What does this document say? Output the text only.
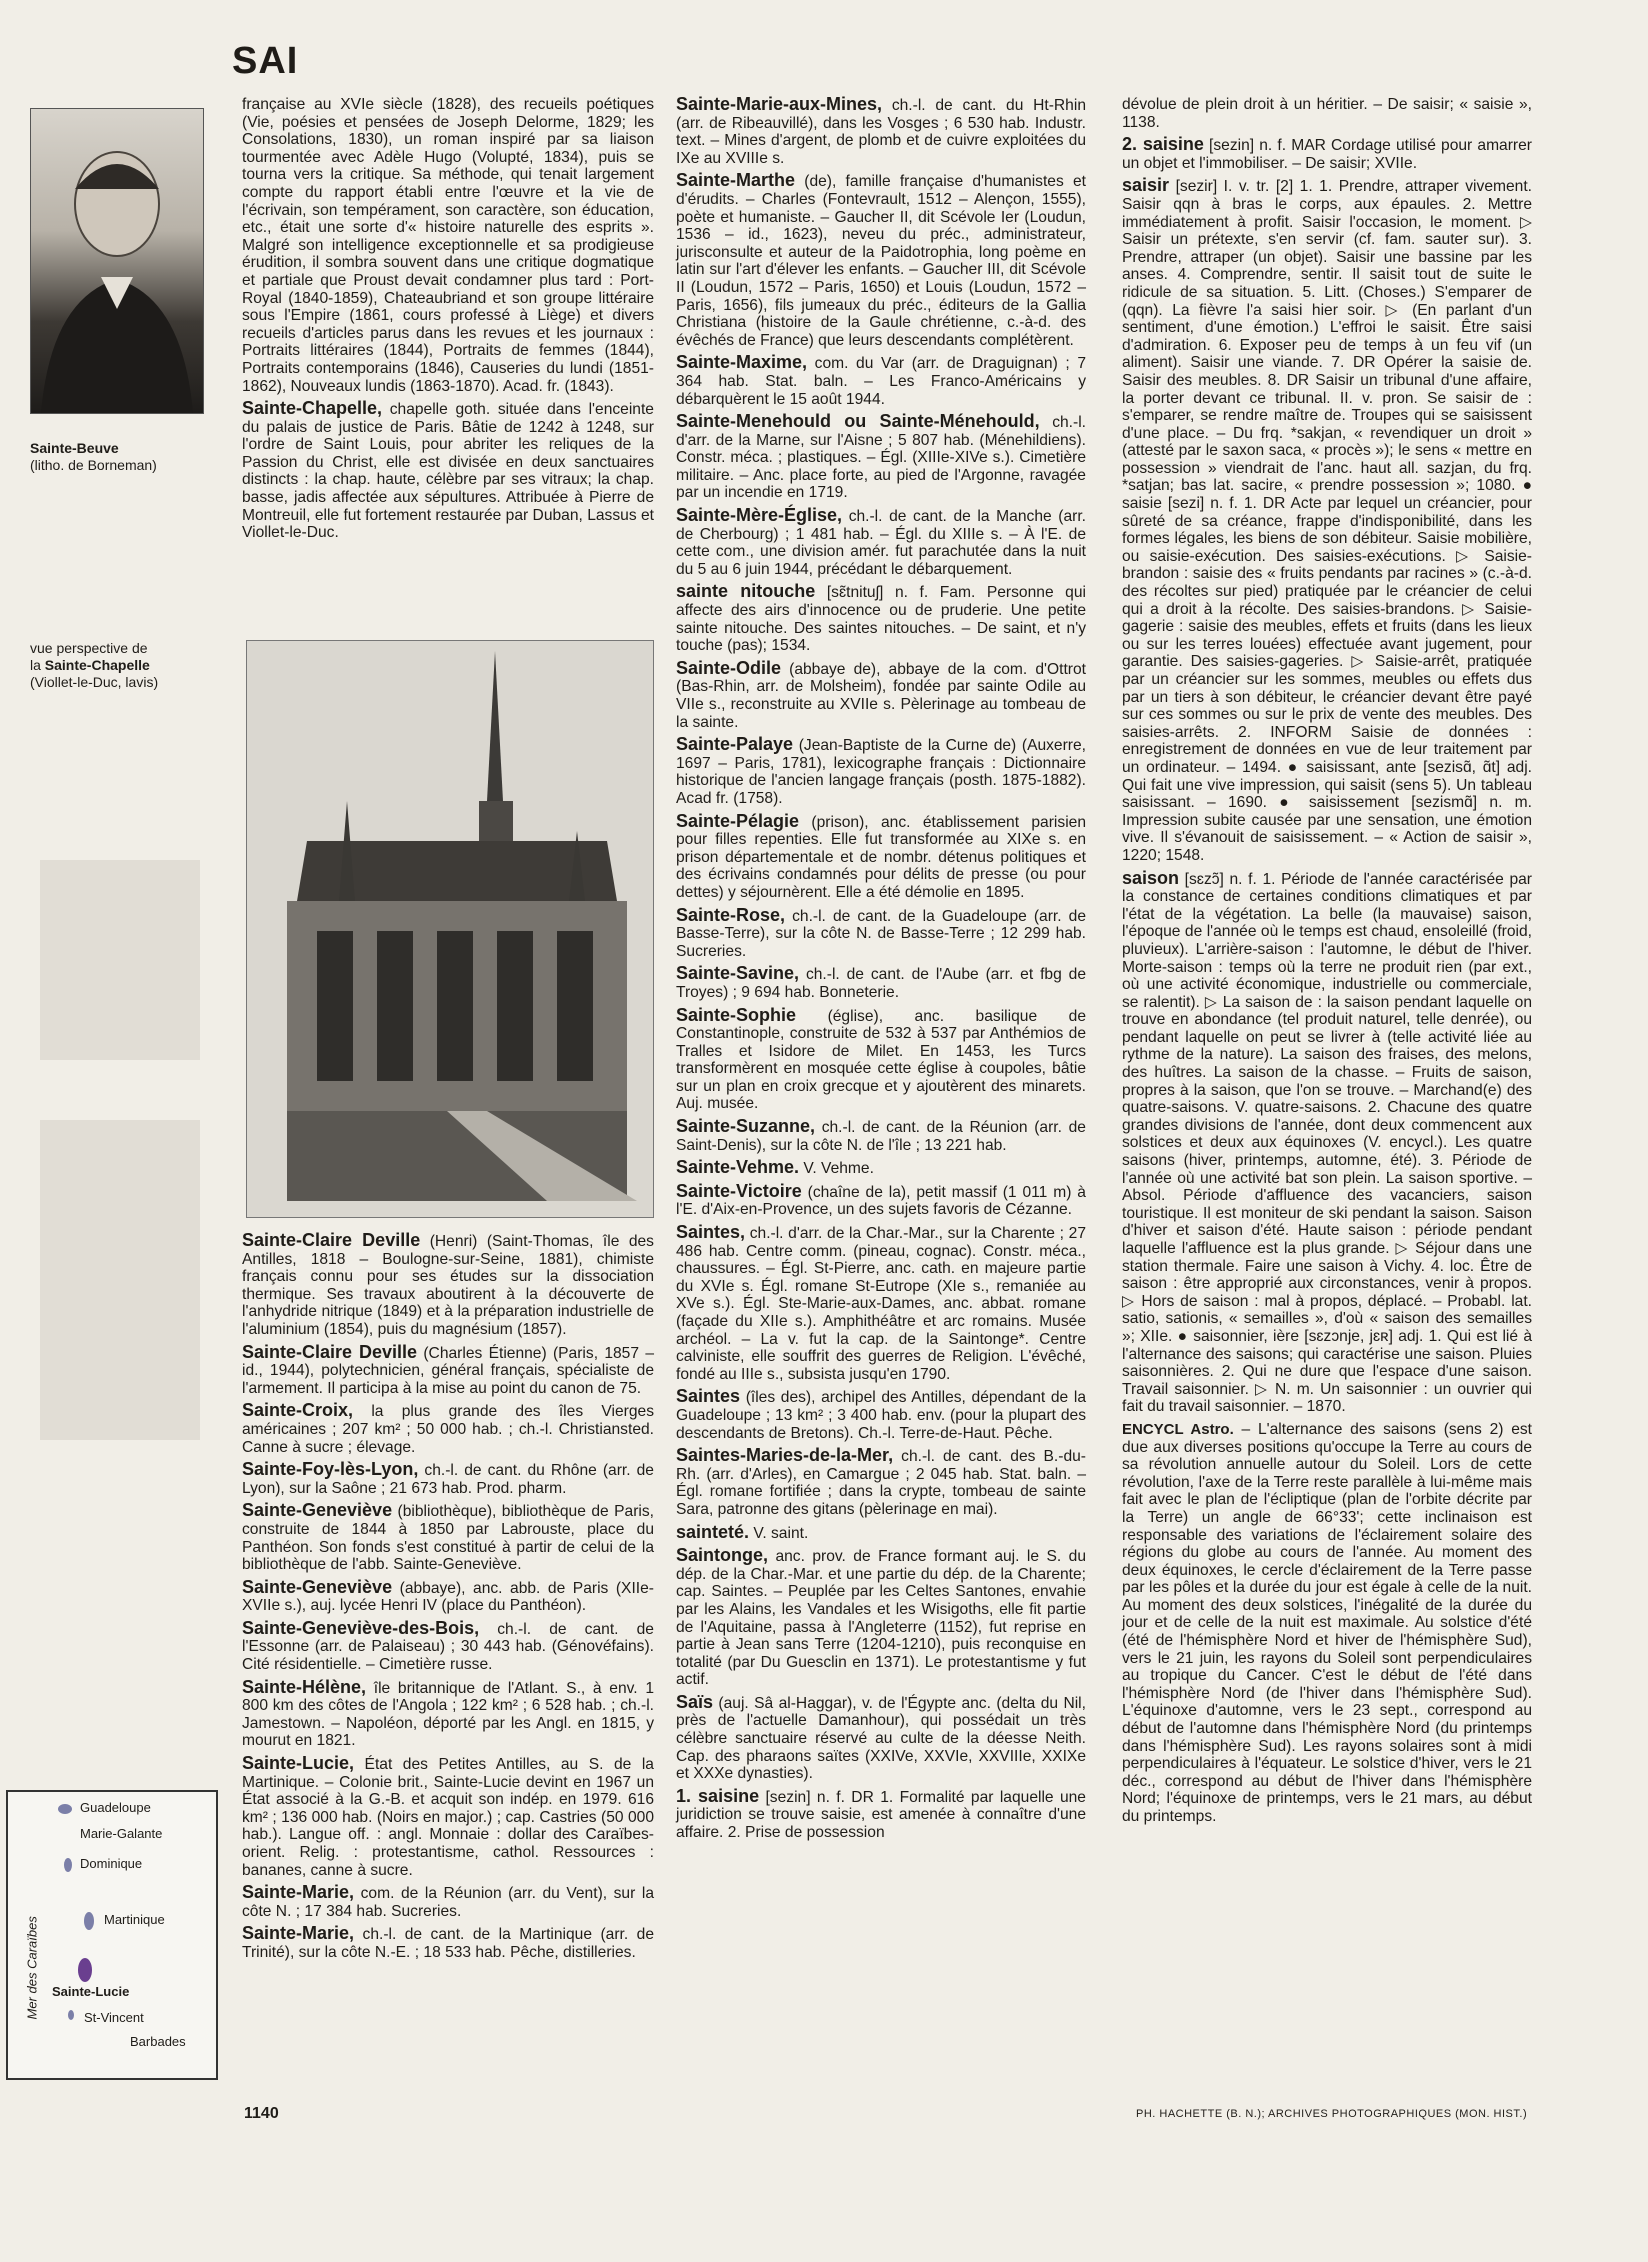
SAI
Sainte-Beuve
(litho. de Borneman)
vue perspective de
la Sainte-Chapelle
(Viollet-le-Duc, lavis)
Guadeloupe
Marie-Galante
Dominique
Martinique
Sainte-Lucie
St-Vincent
Barbades
Mer des Caraïbes

française au XVIe siècle (1828), des recueils poétiques (Vie, poésies et pensées de Joseph Delorme, 1829; les Consolations, 1830), un roman inspiré par sa liaison tourmentée avec Adèle Hugo (Volupté, 1834), puis se tourna vers la critique. Sa méthode, qui tenait largement compte du rapport établi entre l'œuvre et la vie de l'écrivain, son tempérament, son caractère, son éducation, etc., était une sorte d'« histoire naturelle des esprits ». Malgré son intelligence exceptionnelle et sa prodigieuse érudition, il sombra souvent dans une critique dogmatique et partiale que Proust devait condamner plus tard : Port-Royal (1840-1859), Chateaubriand et son groupe littéraire sous l'Empire (1861, cours professé à Liège) et divers recueils d'articles parus dans les revues et les journaux : Portraits littéraires (1844), Portraits de femmes (1844), Portraits contemporains (1846), Causeries du lundi (1851-1862), Nouveaux lundis (1863-1870). Acad. fr. (1843).

Sainte-Chapelle, chapelle goth. située dans l'enceinte du palais de justice de Paris. Bâtie de 1242 à 1248, sur l'ordre de Saint Louis, pour abriter les reliques de la Passion du Christ, elle est divisée en deux sanctuaires distincts : la chap. haute, célèbre par ses vitraux; la chap. basse, jadis affectée aux sépultures. Attribuée à Pierre de Montreuil, elle fut fortement restaurée par Duban, Lassus et Viollet-le-Duc.

Sainte-Claire Deville (Henri) (Saint-Thomas, île des Antilles, 1818 – Boulogne-sur-Seine, 1881), chimiste français connu pour ses études sur la dissociation thermique. Ses travaux aboutirent à la découverte de l'anhydride nitrique (1849) et à la préparation industrielle de l'aluminium (1854), puis du magnésium (1857).

Sainte-Claire Deville (Charles Étienne) (Paris, 1857 – id., 1944), polytechnicien, général français, spécialiste de l'armement. Il participa à la mise au point du canon de 75.

Sainte-Croix, la plus grande des îles Vierges américaines ; 207 km² ; 50 000 hab. ; ch.-l. Christiansted. Canne à sucre ; élevage.

Sainte-Foy-lès-Lyon, ch.-l. de cant. du Rhône (arr. de Lyon), sur la Saône ; 21 673 hab. Prod. pharm.

Sainte-Geneviève (bibliothèque), bibliothèque de Paris, construite de 1844 à 1850 par Labrouste, place du Panthéon. Son fonds s'est constitué à partir de celui de la bibliothèque de l'abb. Sainte-Geneviève.

Sainte-Geneviève (abbaye), anc. abb. de Paris (XIIe-XVIIe s.), auj. lycée Henri IV (place du Panthéon).

Sainte-Geneviève-des-Bois, ch.-l. de cant. de l'Essonne (arr. de Palaiseau) ; 30 443 hab. (Génovéfains). Cité résidentielle. – Cimetière russe.

Sainte-Hélène, île britannique de l'Atlant. S., à env. 1 800 km des côtes de l'Angola ; 122 km² ; 6 528 hab. ; ch.-l. Jamestown. – Napoléon, déporté par les Angl. en 1815, y mourut en 1821.

Sainte-Lucie, État des Petites Antilles, au S. de la Martinique. – Colonie brit., Sainte-Lucie devint en 1967 un État associé à la G.-B. et acquit son indép. en 1979. 616 km² ; 136 000 hab. (Noirs en major.) ; cap. Castries (50 000 hab.). Langue off. : angl. Monnaie : dollar des Caraïbes-orient. Relig. : protestantisme, cathol. Ressources : bananes, canne à sucre.

Sainte-Marie, com. de la Réunion (arr. du Vent), sur la côte N. ; 17 384 hab. Sucreries.

Sainte-Marie, ch.-l. de cant. de la Martinique (arr. de Trinité), sur la côte N.-E. ; 18 533 hab. Pêche, distilleries.

Sainte-Marie-aux-Mines, ch.-l. de cant. du Ht-Rhin (arr. de Ribeauvillé), dans les Vosges ; 6 530 hab. Industr. text. – Mines d'argent, de plomb et de cuivre exploitées du IXe au XVIIIe s.

Sainte-Marthe (de), famille française d'humanistes et d'érudits. – Charles (Fontevrault, 1512 – Alençon, 1555), poète et humaniste. – Gaucher II, dit Scévole Ier (Loudun, 1536 – id., 1623), neveu du préc., administrateur, jurisconsulte et auteur de la Paidotrophia, long poème en latin sur l'art d'élever les enfants. – Gaucher III, dit Scévole II (Loudun, 1572 – Paris, 1650) et Louis (Loudun, 1572 – Paris, 1656), fils jumeaux du préc., éditeurs de la Gallia Christiana (histoire de la Gaule chrétienne, c.-à-d. des évêchés de France) que leurs descendants complétèrent.

Sainte-Maxime, com. du Var (arr. de Draguignan) ; 7 364 hab. Stat. baln. – Les Franco-Américains y débarquèrent le 15 août 1944.

Sainte-Menehould ou Sainte-Ménehould, ch.-l. d'arr. de la Marne, sur l'Aisne ; 5 807 hab. (Ménehildiens). Constr. méca. ; plastiques. – Égl. (XIIIe-XIVe s.). Cimetière militaire. – Anc. place forte, au pied de l'Argonne, ravagée par un incendie en 1719.

Sainte-Mère-Église, ch.-l. de cant. de la Manche (arr. de Cherbourg) ; 1 481 hab. – Égl. du XIIIe s. – À l'E. de cette com., une division amér. fut parachutée dans la nuit du 5 au 6 juin 1944, précédant le débarquement.

sainte nitouche [sɛ̃tnituʃ] n. f. Fam. Personne qui affecte des airs d'innocence ou de pruderie. Une petite sainte nitouche. Des saintes nitouches. – De saint, et n'y touche (pas); 1534.

Sainte-Odile (abbaye de), abbaye de la com. d'Ottrot (Bas-Rhin, arr. de Molsheim), fondée par sainte Odile au VIIe s., reconstruite au XVIIe s. Pèlerinage au tombeau de la sainte.

Sainte-Palaye (Jean-Baptiste de la Curne de) (Auxerre, 1697 – Paris, 1781), lexicographe français : Dictionnaire historique de l'ancien langage français (posth. 1875-1882). Acad fr. (1758).

Sainte-Pélagie (prison), anc. établissement parisien pour filles repenties. Elle fut transformée au XIXe s. en prison départementale et de nombr. détenus politiques et des écrivains condamnés pour délits de presse (ou pour dettes) y séjournèrent. Elle a été démolie en 1895.

Sainte-Rose, ch.-l. de cant. de la Guadeloupe (arr. de Basse-Terre), sur la côte N. de Basse-Terre ; 12 299 hab. Sucreries.

Sainte-Savine, ch.-l. de cant. de l'Aube (arr. et fbg de Troyes) ; 9 694 hab. Bonneterie.

Sainte-Sophie (église), anc. basilique de Constantinople, construite de 532 à 537 par Anthémios de Tralles et Isidore de Milet. En 1453, les Turcs transformèrent en mosquée cette église à coupoles, bâtie sur un plan en croix grecque et y ajoutèrent des minarets. Auj. musée.

Sainte-Suzanne, ch.-l. de cant. de la Réunion (arr. de Saint-Denis), sur la côte N. de l'île ; 13 221 hab.

Sainte-Vehme. V. Vehme.

Sainte-Victoire (chaîne de la), petit massif (1 011 m) à l'E. d'Aix-en-Provence, un des sujets favoris de Cézanne.

Saintes, ch.-l. d'arr. de la Char.-Mar., sur la Charente ; 27 486 hab. Centre comm. (pineau, cognac). Constr. méca., chaussures. – Égl. St-Pierre, anc. cath. en majeure partie du XVIe s. Égl. romane St-Eutrope (XIe s., remaniée au XVe s.). Égl. Ste-Marie-aux-Dames, anc. abbat. romane (façade du XIIe s.). Amphithéâtre et arc romains. Musée archéol. – La v. fut la cap. de la Saintonge*. Centre calviniste, elle souffrit des guerres de Religion. L'évêché, fondé au IIIe s., subsista jusqu'en 1790.

Saintes (îles des), archipel des Antilles, dépendant de la Guadeloupe ; 13 km² ; 3 400 hab. env. (pour la plupart des descendants de Bretons). Ch.-l. Terre-de-Haut. Pêche.

Saintes-Maries-de-la-Mer, ch.-l. de cant. des B.-du-Rh. (arr. d'Arles), en Camargue ; 2 045 hab. Stat. baln. – Égl. romane fortifiée ; dans la crypte, tombeau de sainte Sara, patronne des gitans (pèlerinage en mai).

sainteté. V. saint.

Saintonge, anc. prov. de France formant auj. le S. du dép. de la Char.-Mar. et une partie du dép. de la Charente; cap. Saintes. – Peuplée par les Celtes Santones, envahie par les Alains, les Vandales et les Wisigoths, elle fit partie de l'Aquitaine, passa à l'Angleterre (1152), fut reprise en partie à Jean sans Terre (1204-1210), puis reconquise en totalité (par Du Guesclin en 1371). Le protestantisme y fut actif.

Saïs (auj. Sâ al-Haggar), v. de l'Égypte anc. (delta du Nil, près de l'actuelle Damanhour), qui possédait un très célèbre sanctuaire réservé au culte de la déesse Neith. Cap. des pharaons saïtes (XXIVe, XXVIe, XXVIIIe, XXIXe et XXXe dynasties).

1. saisine [sezin] n. f. DR 1. Formalité par laquelle une juridiction se trouve saisie, est amenée à connaître d'une affaire. 2. Prise de possession

dévolue de plein droit à un héritier. – De saisir; « saisie », 1138.

2. saisine [sezin] n. f. MAR Cordage utilisé pour amarrer un objet et l'immobiliser. – De saisir; XVIIe.

saisir [sezir] I. v. tr. [2] 1. 1. Prendre, attraper vivement. Saisir qqn à bras le corps, aux épaules. 2. Mettre immédiatement à profit. Saisir l'occasion, le moment. ▷ Saisir un prétexte, s'en servir (cf. fam. sauter sur). 3. Prendre, attraper (un objet). Saisir une bassine par les anses. 4. Comprendre, sentir. Il saisit tout de suite le ridicule de sa situation. 5. Litt. (Choses.) S'emparer de (qqn). La fièvre l'a saisi hier soir. ▷ (En parlant d'un sentiment, d'une émotion.) L'effroi le saisit. Être saisi d'admiration. 6. Exposer peu de temps à un feu vif (un aliment). Saisir une viande. 7. DR Opérer la saisie de. Saisir des meubles. 8. DR Saisir un tribunal d'une affaire, la porter devant ce tribunal. II. v. pron. Se saisir de : s'emparer, se rendre maître de. Troupes qui se saisissent d'une place. – Du frq. *sakjan, « revendiquer un droit » (attesté par le saxon saca, « procès »); le sens « mettre en possession » viendrait de l'anc. haut all. sazjan, du frq. *satjan; bas lat. sacire, « prendre possession »; 1080. ● saisie [sezi] n. f. 1. DR Acte par lequel un créancier, pour sûreté de sa créance, frappe d'indisponibilité, dans les formes légales, les biens de son débiteur. Saisie mobilière, ou saisie-exécution. Des saisies-exécutions. ▷ Saisie-brandon : saisie des « fruits pendants par racines » (c.-à-d. des récoltes sur pied) pratiquée par le créancier de celui qui a droit à la récolte. Des saisies-brandons. ▷ Saisie-gagerie : saisie des meubles, effets et fruits (dans les lieux ou sur les terres louées) effectuée avant jugement, pour garantie. Des saisies-gageries. ▷ Saisie-arrêt, pratiquée par un créancier sur les sommes, meubles ou effets dus par un tiers à son débiteur, le créancier devant être payé sur ces sommes ou sur le prix de vente des meubles. Des saisies-arrêts. 2. INFORM Saisie de données : enregistrement de données en vue de leur traitement par un ordinateur. – 1494. ● saisissant, ante [sezisɑ̃, ɑ̃t] adj. Qui fait une vive impression, qui saisit (sens 5). Un tableau saisissant. – 1690. ● saisissement [sezismɑ̃] n. m. Impression subite causée par une sensation, une émotion vive. Il s'évanouit de saisissement. – « Action de saisir », 1220; 1548.

saison [sɛzɔ̃] n. f. 1. Période de l'année caractérisée par la constance de certaines conditions climatiques et par l'état de la végétation. La belle (la mauvaise) saison, l'époque de l'année où le temps est chaud, ensoleillé (froid, pluvieux). L'arrière-saison : l'automne, le début de l'hiver. Morte-saison : temps où la terre ne produit rien (par ext., où une activité économique, industrielle ou commerciale, se ralentit). ▷ La saison de : la saison pendant laquelle on trouve en abondance (tel produit naturel, telle denrée), ou pendant laquelle on peut se livrer à (telle activité liée au rythme de la nature). La saison des fraises, des melons, des huîtres. La saison de la chasse. – Fruits de saison, propres à la saison, que l'on se trouve. – Marchand(e) des quatre-saisons. V. quatre-saisons. 2. Chacune des quatre grandes divisions de l'année, dont deux commencent aux solstices et deux aux équinoxes (V. encycl.). Les quatre saisons (hiver, printemps, automne, été). 3. Période de l'année où une activité bat son plein. La saison sportive. – Absol. Période d'affluence des vacanciers, saison touristique. Il est moniteur de ski pendant la saison. Saison d'hiver et saison d'été. Haute saison : période pendant laquelle l'affluence est la plus grande. ▷ Séjour dans une station thermale. Faire une saison à Vichy. 4. loc. Être de saison : être approprié aux circonstances, venir à propos. ▷ Hors de saison : mal à propos, déplacé. – Probabl. lat. satio, sationis, « semailles », d'où « saison des semailles »; XIIe. ● saisonnier, ière [sɛzɔnje, jɛʀ] adj. 1. Qui est lié à l'alternance des saisons; qui caractérise une saison. Pluies saisonnières. 2. Qui ne dure que l'espace d'une saison. Travail saisonnier. ▷ N. m. Un saisonnier : un ouvrier qui fait du travail saisonnier. – 1870.

ENCYCL Astro. – L'alternance des saisons (sens 2) est due aux diverses positions qu'occupe la Terre au cours de sa révolution annuelle autour du Soleil. Lors de cette révolution, l'axe de la Terre reste parallèle à lui-même mais fait avec le plan de l'écliptique (plan de l'orbite décrite par la Terre) un angle de 66°33'; cette inclinaison est responsable des variations de l'éclairement solaire des régions du globe au cours de l'année. Au moment des deux équinoxes, le cercle d'éclairement de la Terre passe par les pôles et la durée du jour est égale à celle de la nuit. Au moment des deux solstices, l'inégalité de la durée du jour et de celle de la nuit est maximale. Au solstice d'été (été de l'hémisphère Nord et hiver de l'hémisphère Sud), vers le 21 juin, les rayons du Soleil sont perpendiculaires au tropique du Cancer. C'est le début de l'été dans l'hémisphère Nord (de l'hiver dans l'hémisphère Sud). L'équinoxe d'automne, vers le 23 sept., correspond au début de l'automne dans l'hémisphère Nord (du printemps dans l'hémisphère Sud). Les rayons solaires sont à midi perpendiculaires à l'équateur. Le solstice d'hiver, vers le 21 déc., correspond au début de l'hiver dans l'hémisphère Nord; l'équinoxe de printemps, vers le 21 mars, au début du printemps.

1140	PH. HACHETTE (B. N.); ARCHIVES PHOTOGRAPHIQUES (MON. HIST.)
